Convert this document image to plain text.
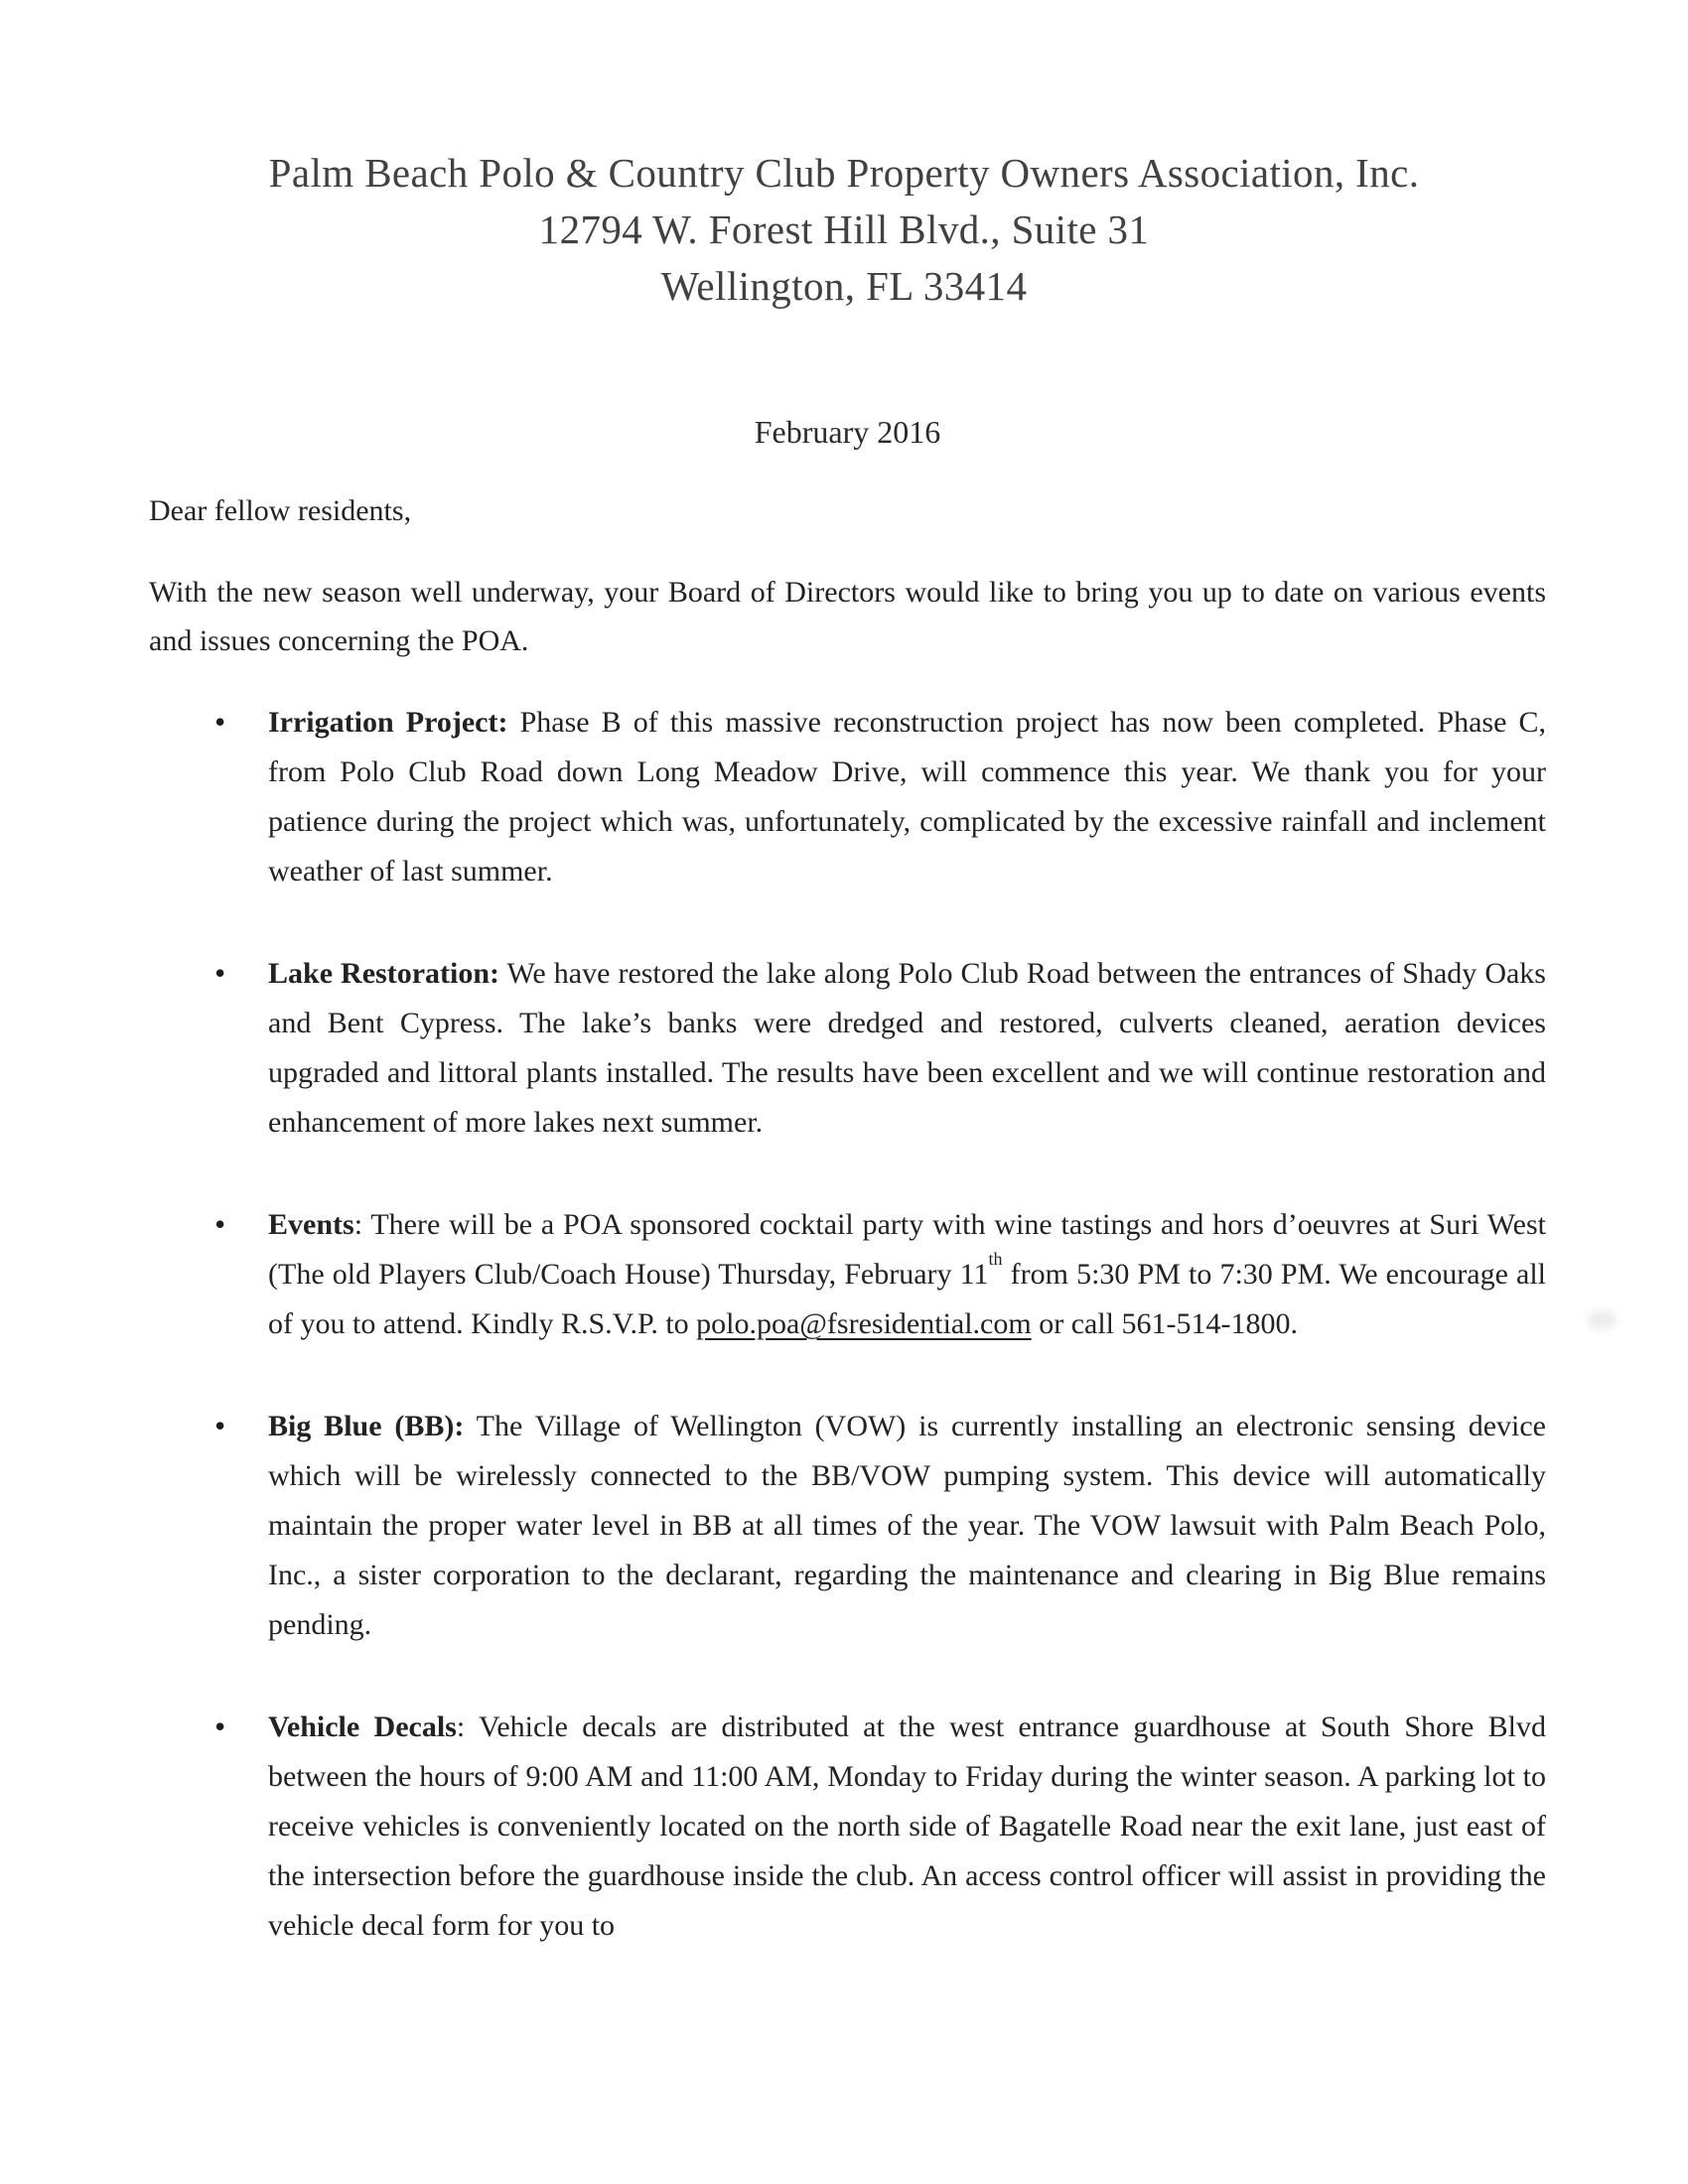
Palm Beach Polo & Country Club Property Owners Association, Inc.
12794 W. Forest Hill Blvd., Suite 31
Wellington, FL 33414
February 2016
Dear fellow residents,
With the new season well underway, your Board of Directors would like to bring you up to date on various events and issues concerning the POA.
• Irrigation Project: Phase B of this massive reconstruction project has now been completed. Phase C, from Polo Club Road down Long Meadow Drive, will commence this year. We thank you for your patience during the project which was, unfortunately, complicated by the excessive rainfall and inclement weather of last summer.
• Lake Restoration: We have restored the lake along Polo Club Road between the entrances of Shady Oaks and Bent Cypress. The lake’s banks were dredged and restored, culverts cleaned, aeration devices upgraded and littoral plants installed. The results have been excellent and we will continue restoration and enhancement of more lakes next summer.
• Events: There will be a POA sponsored cocktail party with wine tastings and hors d’oeuvres at Suri West (The old Players Club/Coach House) Thursday, February 11th from 5:30 PM to 7:30 PM. We encourage all of you to attend. Kindly R.S.V.P. to polo.poa@fsresidential.com or call 561-514-1800.
• Big Blue (BB): The Village of Wellington (VOW) is currently installing an electronic sensing device which will be wirelessly connected to the BB/VOW pumping system. This device will automatically maintain the proper water level in BB at all times of the year. The VOW lawsuit with Palm Beach Polo, Inc., a sister corporation to the declarant, regarding the maintenance and clearing in Big Blue remains pending.
• Vehicle Decals: Vehicle decals are distributed at the west entrance guardhouse at South Shore Blvd between the hours of 9:00 AM and 11:00 AM, Monday to Friday during the winter season. A parking lot to receive vehicles is conveniently located on the north side of Bagatelle Road near the exit lane, just east of the intersection before the guardhouse inside the club. An access control officer will assist in providing the vehicle decal form for you to
